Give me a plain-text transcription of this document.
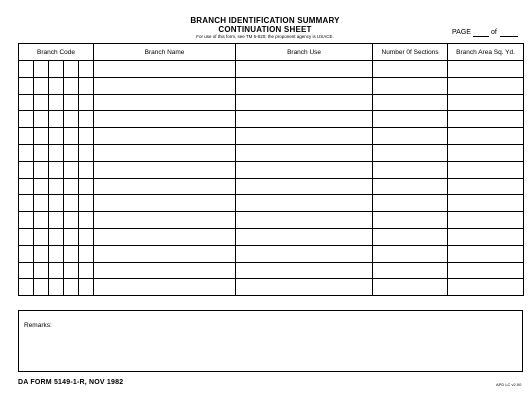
BRANCH IDENTIFICATION SUMMARY
CONTINUATION SHEET
For use of this form, see TM 5-820; the proponent agency is USACE.
PAGE	of
Branch Code					Branch Name	Branch Use	Number 0f Sections	Branch Area Sq. Yd.

Remarks:
DA FORM 5149-1-R, NOV 1982	APD LC v2.00
